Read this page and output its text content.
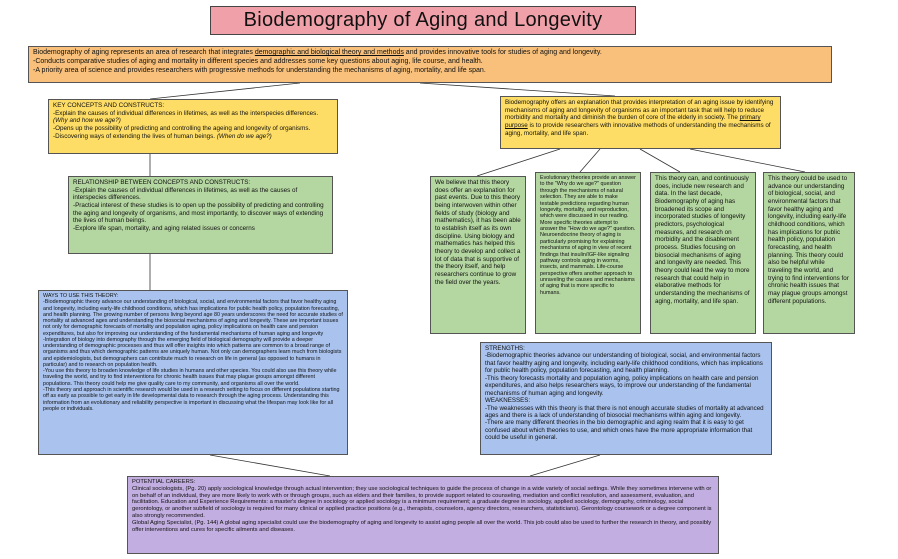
Biodemography of Aging and Longevity

Biodemography of aging represents an area of research that integrates demographic and biological theory and methods and provides innovative tools for studies of aging and longevity.

-Conducts comparative studies of aging and mortality in different species and addresses some key questions about aging, life course, and health.

-A priority area of science and provides researchers with progressive methods for understanding the mechanisms of aging, mortality, and life span.

KEY CONCEPTS AND CONSTRUCTS:

-Explain the causes of individual differences in lifetimes, as well as the interspecies differences. (Why and how we age?)

-Opens up the possibility of predicting and controlling the ageing and longevity of organisms.

-Discovering ways of extending the lives of human beings. (When do we age?)

Biodemography offers an explanation that provides interpretation of an aging issue by identifying mechanisms of aging and longevity of organisms as an important task that will help to reduce morbidity and mortality and diminish the burden of core of the elderly in society. The primary purpose is to provide researchers with innovative methods of understanding the mechanisms of aging, mortality, and life span.

RELATIONSHIP BETWEEN CONCEPTS AND CONSTRUCTS:

-Explain the causes of individual differences in lifetimes, as well as the causes of interspecies differences.

-Practical interest of these studies is to open up the possibility of predicting and controlling the aging and longevity of organisms, and most importantly, to discover ways of extending the lives of human beings.

-Explore life span, mortality, and aging related issues or concerns

We believe that this theory does offer an explanation for past events. Due to this theory being interwoven within other fields of study (biology and mathematics), it has been able to establish itself as its own discipline. Using biology and mathematics has helped this theory to develop and collect a lot of data that is supportive of the theory itself, and help researchers continue to grow the field over the years.

Evolutionary theories provide an answer to the "Why do we age?" question through the mechanisms of natural selection. They are able to make testable predictions regarding human longevity, mortality, and reproduction, which were discussed in our reading. More specific theories attempt to answer the "How do we age?" question. Neuroendocrine theory of aging is particularly promising for explaining mechanisms of aging in view of recent findings that insulin/IGF-like signaling pathway controls aging in worms, insects, and mammals. Life-course perspective offers another approach to unraveling the causes and mechanisms of aging that is more specific to humans.

This theory can, and continuously does, include new research and data. In the last decade, Biodemography of aging has broadened its scope and incorporated studies of longevity predictors, psychological measures, and research on morbidity and the disablement process. Studies focusing on biosocial mechanisms of aging and longevity are needed. This theory could lead the way to more research that could help in elaborative methods for understanding the mechanisms of aging, mortality, and life span.

This theory could be used to advance our understanding of biological, social, and environmental factors that favor healthy aging and longevity, including early-life childhood conditions, which has implications for public health policy, population forecasting, and health planning. This theory could also be helpful while traveling the world, and trying to find interventions for chronic health issues that may plague groups amongst different populations.

WAYS TO USE THIS THEORY:

-Biodemographic theory advance our understanding of biological, social, and environmental factors that favor healthy aging and longevity, including early-life childhood conditions, which has implications for public health policy, population forecasting, and health planning. The growing number of persons living beyond age 80 years underscores the need for accurate studies of mortality at advanced ages and understanding the biosocial mechanisms of aging and longevity. These are important issues not only for demographic forecasts of mortality and population aging, policy implications on health care and pension expenditures, but also for improving our understanding of the fundamental mechanisms of human aging and longevity
-Integration of biology into demography through the emerging field of biological demography will provide a deeper understanding of demographic processes and thus will offer insights into which patterns are common to a broad range of organisms and thus which demographic patterns are uniquely human. Not only can demographers learn much from biologists and epidemiologists, but demographers can contribute much to research on life in general (as opposed to humans in particular) and to research on population health.
-You use this theory to broaden knowledge of life studies in humans and other species. You could also use this theory while traveling the world, and try to find interventions for chronic health issues that may plague groups amongst different populations. This theory could help me give quality care to my community, and organisms all over the world.
-This theory and approach in scientific research would be used in a research setting to focus on different populations starting off as early as possible to get early in life developmental data to research through the aging process. Understanding this information from an evolutionary and reliability perspective is important in discussing what the lifespan may look like for all people or individuals.

STRENGTHS:

-Biodemographic theories advance our understanding of biological, social, and environmental factors that favor healthy aging and longevity, including early-life childhood conditions, which has implications for public health policy, population forecasting, and health planning.
-This theory forecasts mortality and population aging, policy implications on health care and pension expenditures, and also helps researchers ways, to improve our understanding of the fundamental mechanisms of human aging and longevity.

WEAKNESSES:

-The weaknesses with this theory is that there is not enough accurate studies of mortality at advanced ages and there is a lack of understanding of biosocial mechanisms within aging and longevity.
-There are many different theories in the bio demographic and aging realm that it is easy to get confused about which theories to use, and which ones have the more appropriate information that could be useful in general.

POTENTIAL CAREERS:

Clinical sociologists, (Pg. 20) apply sociological knowledge through actual intervention; they use sociological techniques to guide the process of change in a wide variety of social settings. While they sometimes intervene with or on behalf of an individual, they are more likely to work with or through groups, such as elders and their families, to provide support related to counseling, mediation and conflict resolution, and assessment, evaluation, and facilitation. Education and Experience Requirements: a master's degree in sociology or applied sociology is a minimum requirement; a graduate degree in sociology, applied sociology, demography, criminology, social gerontology, or another subfield of sociology is required for many clinical or applied practice positions (e.g., therapists, counselors, agency directors, researchers, statisticians). Gerontology coursework or a degree component is also strongly recommended.
Global Aging Specialist, (Pg. 144) A global aging specialist could use the biodemography of aging and longevity to assist aging people all over the world. This job could also be used to further the research in theory, and possibly offer interventions and cures for specific ailments and diseases.
